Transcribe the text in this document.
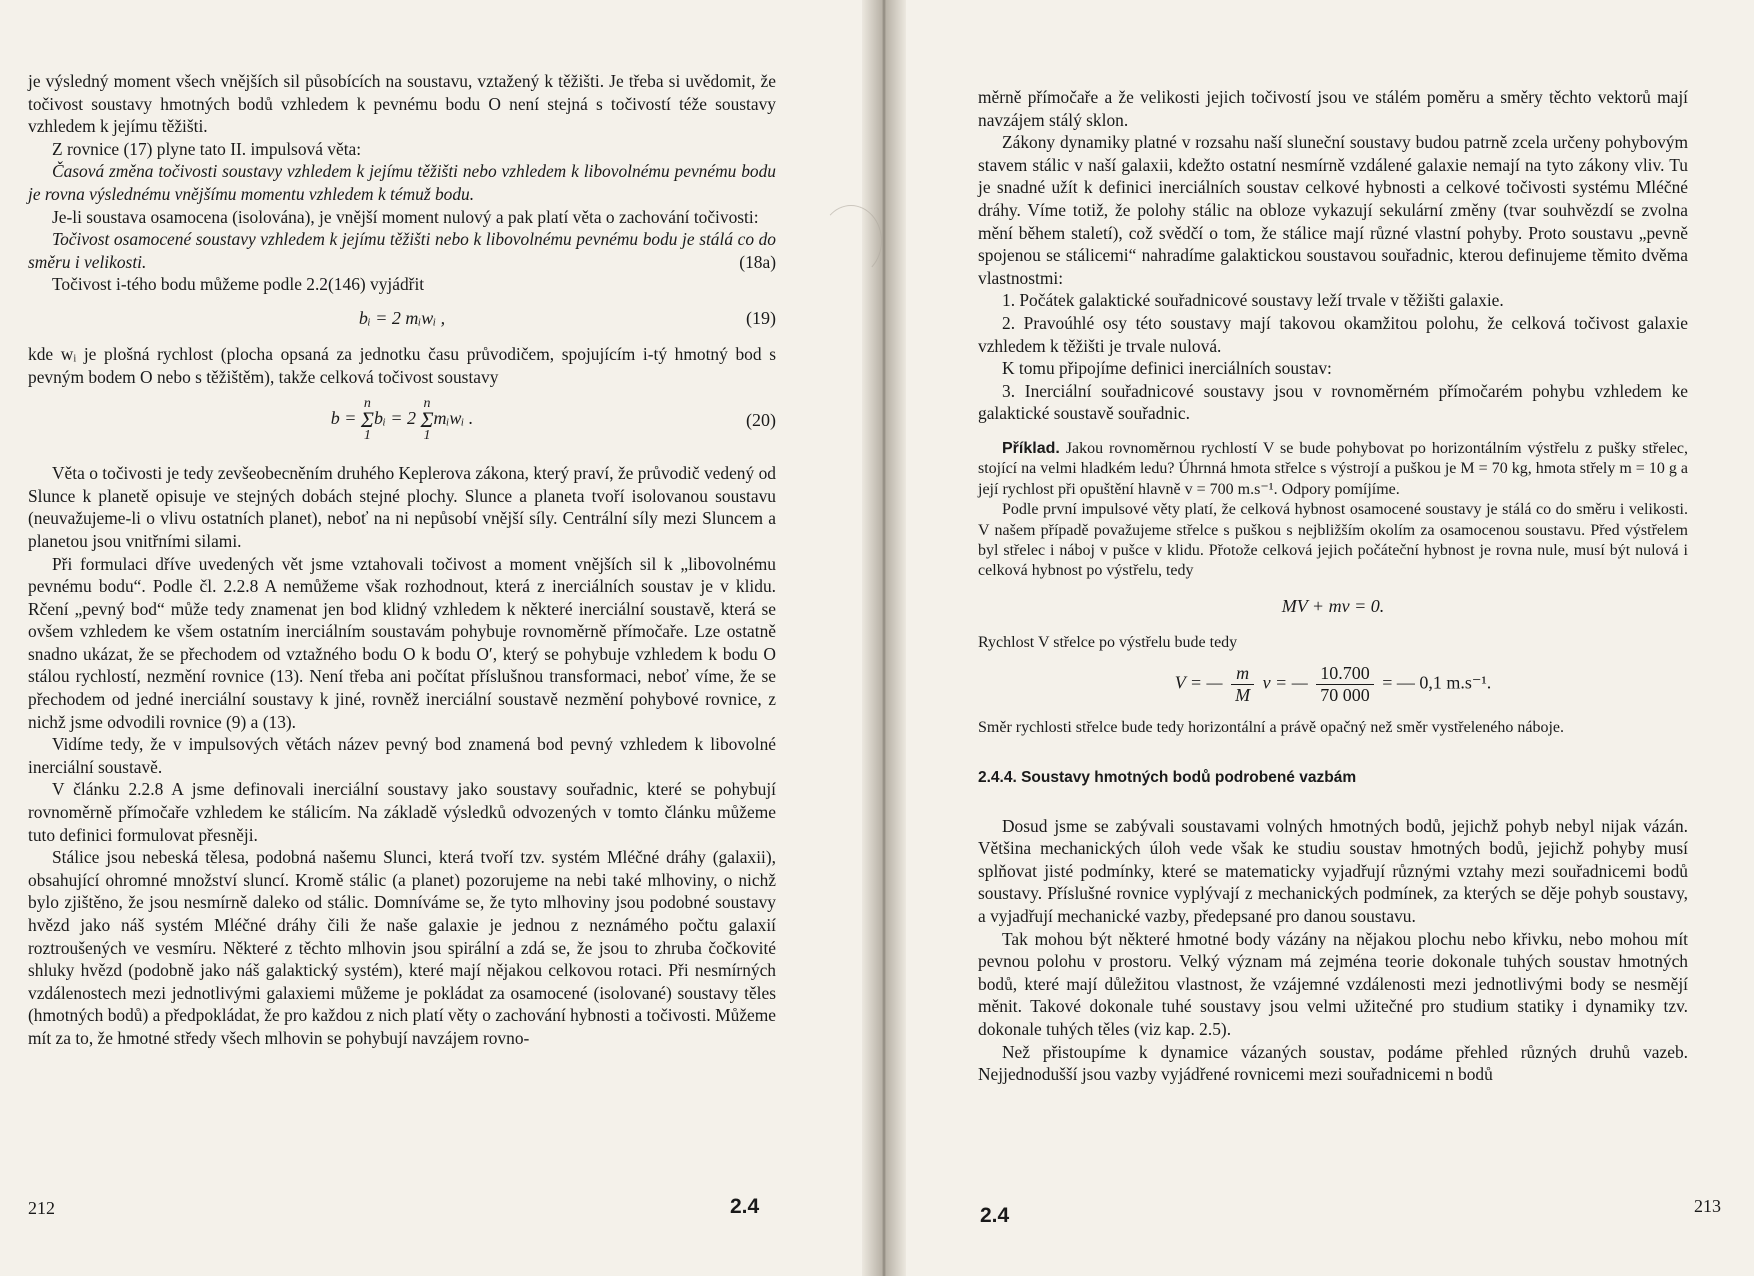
je výsledný moment všech vnějších sil působících na soustavu, vztažený k těžišti. Je třeba si uvědomit, že točivost soustavy hmotných bodů vzhledem k pevnému bodu O není stejná s točivostí téže soustavy vzhledem k jejímu těžišti.

Z rovnice (17) plyne tato II. impulsová věta:

Časová změna točivosti soustavy vzhledem k jejímu těžišti nebo vzhledem k libovolnému pevnému bodu je rovna výslednému vnějšímu momentu vzhledem k témuž bodu.

Je-li soustava osamocena (isolována), je vnější moment nulový a pak platí věta o zachování točivosti:

Točivost osamocené soustavy vzhledem k jejímu těžišti nebo k libovolnému pevnému bodu je stálá co do směru i velikosti.	(18a)

Točivost i-tého bodu můžeme podle 2.2(146) vyjádřit

bᵢ = 2 mᵢwᵢ ,	(19)

kde wᵢ je plošná rychlost (plocha opsaná za jednotku času průvodičem, spojujícím i-tý hmotný bod s pevným bodem O nebo s těžištěm), takže celková točivost soustavy

b = n
Σ
1bᵢ = 2 n
Σ
1mᵢwᵢ .	(20)

Věta o točivosti je tedy zevšeobecněním druhého Keplerova zákona, který praví, že průvodič vedený od Slunce k planetě opisuje ve stejných dobách stejné plochy. Slunce a planeta tvoří isolovanou soustavu (neuvažujeme-li o vlivu ostatních planet), neboť na ni nepůsobí vnější síly. Centrální síly mezi Sluncem a planetou jsou vnitřními silami.

Při formulaci dříve uvedených vět jsme vztahovali točivost a moment vnějších sil k „libovolnému pevnému bodu“. Podle čl. 2.2.8 A nemůžeme však rozhodnout, která z inerciálních soustav je v klidu. Rčení „pevný bod“ může tedy znamenat jen bod klidný vzhledem k některé inerciální soustavě, která se ovšem vzhledem ke všem ostatním inerciálním soustavám pohybuje rovnoměrně přímočaře. Lze ostatně snadno ukázat, že se přechodem od vztažného bodu O k bodu O′, který se pohybuje vzhledem k bodu O stálou rychlostí, nezmění rovnice (13). Není třeba ani počítat příslušnou transformaci, neboť víme, že se přechodem od jedné inerciální soustavy k jiné, rovněž inerciální soustavě nezmění pohybové rovnice, z nichž jsme odvodili rovnice (9) a (13).

Vidíme tedy, že v impulsových větách název pevný bod znamená bod pevný vzhledem k libovolné inerciální soustavě.

V článku 2.2.8 A jsme definovali inerciální soustavy jako soustavy souřadnic, které se pohybují rovnoměrně přímočaře vzhledem ke stálicím. Na základě výsledků odvozených v tomto článku můžeme tuto definici formulovat přesněji.

Stálice jsou nebeská tělesa, podobná našemu Slunci, která tvoří tzv. systém Mléčné dráhy (galaxii), obsahující ohromné množství sluncí. Kromě stálic (a planet) pozorujeme na nebi také mlhoviny, o nichž bylo zjištěno, že jsou nesmírně daleko od stálic. Domníváme se, že tyto mlhoviny jsou podobné soustavy hvězd jako náš systém Mléčné dráhy čili že naše galaxie je jednou z neznámého počtu galaxií roztroušených ve vesmíru. Některé z těchto mlhovin jsou spirální a zdá se, že jsou to zhruba čočkovité shluky hvězd (podobně jako náš galaktický systém), které mají nějakou celkovou rotaci. Při nesmírných vzdálenostech mezi jednotlivými galaxiemi můžeme je pokládat za osamocené (isolované) soustavy těles (hmotných bodů) a předpokládat, že pro každou z nich platí věty o zachování hybnosti a točivosti. Můžeme mít za to, že hmotné středy všech mlhovin se pohybují navzájem rovno-

212	2.4

měrně přímočaře a že velikosti jejich točivostí jsou ve stálém poměru a směry těchto vektorů mají navzájem stálý sklon.

Zákony dynamiky platné v rozsahu naší sluneční soustavy budou patrně zcela určeny pohybovým stavem stálic v naší galaxii, kdežto ostatní nesmírně vzdálené galaxie nemají na tyto zákony vliv. Tu je snadné užít k definici inerciálních soustav celkové hybnosti a celkové točivosti systému Mléčné dráhy. Víme totiž, že polohy stálic na obloze vykazují sekulární změny (tvar souhvězdí se zvolna mění během staletí), což svědčí o tom, že stálice mají různé vlastní pohyby. Proto soustavu „pevně spojenou se stálicemi“ nahradíme galaktickou soustavou souřadnic, kterou definujeme těmito dvěma vlastnostmi:

1. Počátek galaktické souřadnicové soustavy leží trvale v těžišti galaxie.

2. Pravoúhlé osy této soustavy mají takovou okamžitou polohu, že celková točivost galaxie vzhledem k těžišti je trvale nulová.

K tomu připojíme definici inerciálních soustav:

3. Inerciální souřadnicové soustavy jsou v rovnoměrném přímočarém pohybu vzhledem ke galaktické soustavě souřadnic.

Příklad. Jakou rovnoměrnou rychlostí V se bude pohybovat po horizontálním výstřelu z pušky střelec, stojící na velmi hladkém ledu? Úhrnná hmota střelce s výstrojí a puškou je M = 70 kg, hmota střely m = 10 g a její rychlost při opuštění hlavně v = 700 m.s⁻¹. Odpory pomíjíme.

Podle první impulsové věty platí, že celková hybnost osamocené soustavy je stálá co do směru i velikosti. V našem případě považujeme střelce s puškou s nejbližším okolím za osamocenou soustavu. Před výstřelem byl střelec i náboj v pušce v klidu. Přotože celková jejich počáteční hybnost je rovna nule, musí být nulová i celková hybnost po výstřelu, tedy

MV + mv = 0.

Rychlost V střelce po výstřelu bude tedy

V = — $\frac{m}{M}$ v = — $\frac{10.700}{70 000}$ = — 0,1 m.s⁻¹.

Směr rychlosti střelce bude tedy horizontální a právě opačný než směr vystřeleného náboje.

2.4.4. Soustavy hmotných bodů podrobené vazbám

Dosud jsme se zabývali soustavami volných hmotných bodů, jejichž pohyb nebyl nijak vázán. Většina mechanických úloh vede však ke studiu soustav hmotných bodů, jejichž pohyby musí splňovat jisté podmínky, které se matematicky vyjadřují různými vztahy mezi souřadnicemi bodů soustavy. Příslušné rovnice vyplývají z mechanických podmínek, za kterých se děje pohyb soustavy, a vyjadřují mechanické vazby, předepsané pro danou soustavu.

Tak mohou být některé hmotné body vázány na nějakou plochu nebo křivku, nebo mohou mít pevnou polohu v prostoru. Velký význam má zejména teorie dokonale tuhých soustav hmotných bodů, které mají důležitou vlastnost, že vzájemné vzdálenosti mezi jednotlivými body se nesmějí měnit. Takové dokonale tuhé soustavy jsou velmi užitečné pro studium statiky i dynamiky tzv. dokonale tuhých těles (viz kap. 2.5).

Než přistoupíme k dynamice vázaných soustav, podáme přehled různých druhů vazeb. Nejjednodušší jsou vazby vyjádřené rovnicemi mezi souřadnicemi n bodů

2.4	213
